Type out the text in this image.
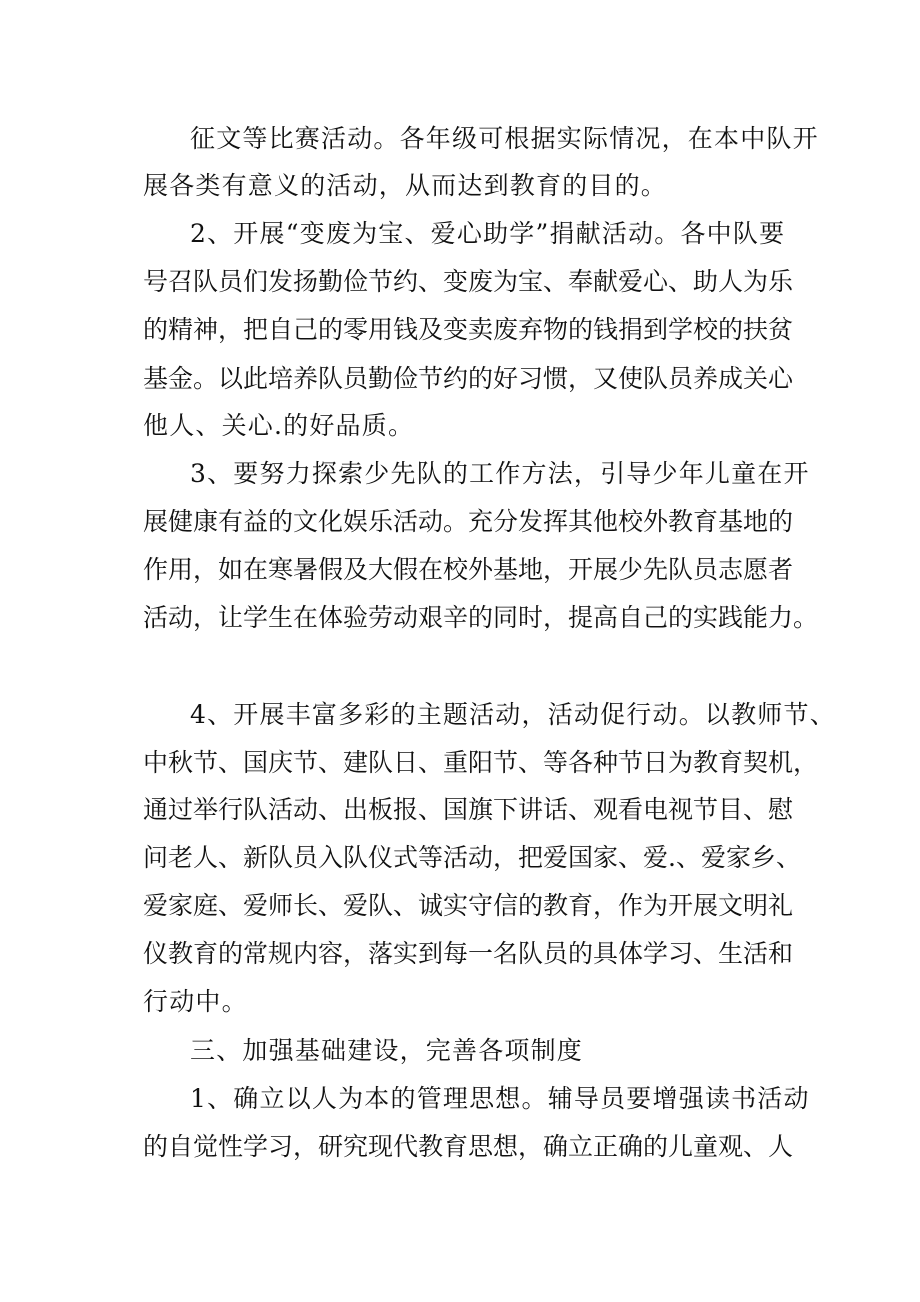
征文等比赛活动。各年级可根据实际情况，在本中队开
展各类有意义的活动，从而达到教育的目的。
2、开展“变废为宝、爱心助学”捐献活动。各中队要
号召队员们发扬勤俭节约、变废为宝、奉献爱心、助人为乐
的精神，把自己的零用钱及变卖废弃物的钱捐到学校的扶贫
基金。以此培养队员勤俭节约的好习惯，又使队员养成关心
他人、关心.的好品质。
3、要努力探索少先队的工作方法，引导少年儿童在开
展健康有益的文化娱乐活动。充分发挥其他校外教育基地的
作用，如在寒暑假及大假在校外基地，开展少先队员志愿者
活动，让学生在体验劳动艰辛的同时，提高自己的实践能力。
4、开展丰富多彩的主题活动，活动促行动。以教师节、
中秋节、国庆节、建队日、重阳节、等各种节日为教育契机，
通过举行队活动、出板报、国旗下讲话、观看电视节目、慰
问老人、新队员入队仪式等活动，把爱国家、爱.、爱家乡、
爱家庭、爱师长、爱队、诚实守信的教育，作为开展文明礼
仪教育的常规内容，落实到每一名队员的具体学习、生活和
行动中。
三、加强基础建设，完善各项制度
1、确立以人为本的管理思想。辅导员要增强读书活动
的自觉性学习，研究现代教育思想，确立正确的儿童观、人
